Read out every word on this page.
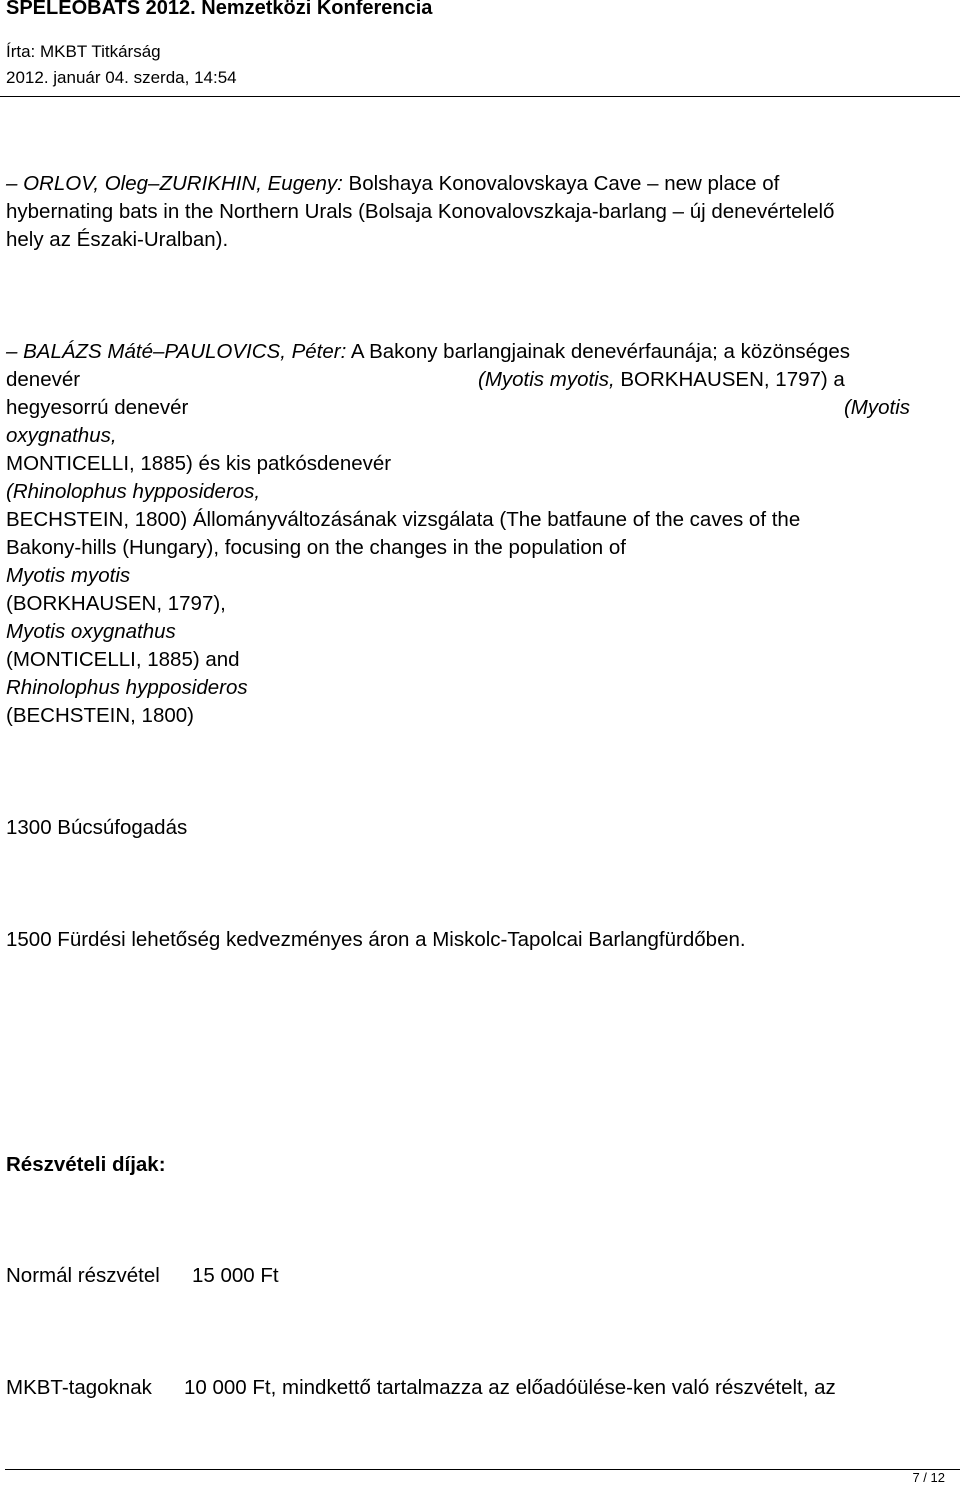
SPELEOBATS 2012. Nemzetközi Konferencia
Írta: MKBT Titkárság
2012. január 04. szerda, 14:54
– ORLOV, Oleg–ZURIKHIN, Eugeny: Bolshaya Konovalovskaya Cave – new place of
hybernating bats in the Northern Urals (Bolsaja Konovalovszkaja-barlang – új denevértelelő
hely az Északi-Uralban).
– BALÁZS Máté–PAULOVICS, Péter: A Bakony barlangjainak denevérfaunája; a közönséges
denevér	(Myotis myotis, BORKHAUSEN, 1797) a
hegyesorrú denevér	(Myotis
oxygnathus,
MONTICELLI, 1885) és kis patkósdenevér
(Rhinolophus hypposideros,
BECHSTEIN, 1800) Állományváltozásának vizsgálata (The batfaune of the caves of the
Bakony-hills (Hungary), focusing on the changes in the population of
Myotis myotis
(BORKHAUSEN, 1797),
Myotis oxygnathus
(MONTICELLI, 1885) and
Rhinolophus hypposideros
(BECHSTEIN, 1800)
1300 Búcsúfogadás
1500 Fürdési lehetőség kedvezményes áron a Miskolc-Tapolcai Barlangfürdőben.
Részvételi díjak:
Normál részvétel 15 000 Ft
MKBT-tagoknak 10 000 Ft, mindkettő tartalmazza az előadóülése-ken való részvételt, az
7 / 12
